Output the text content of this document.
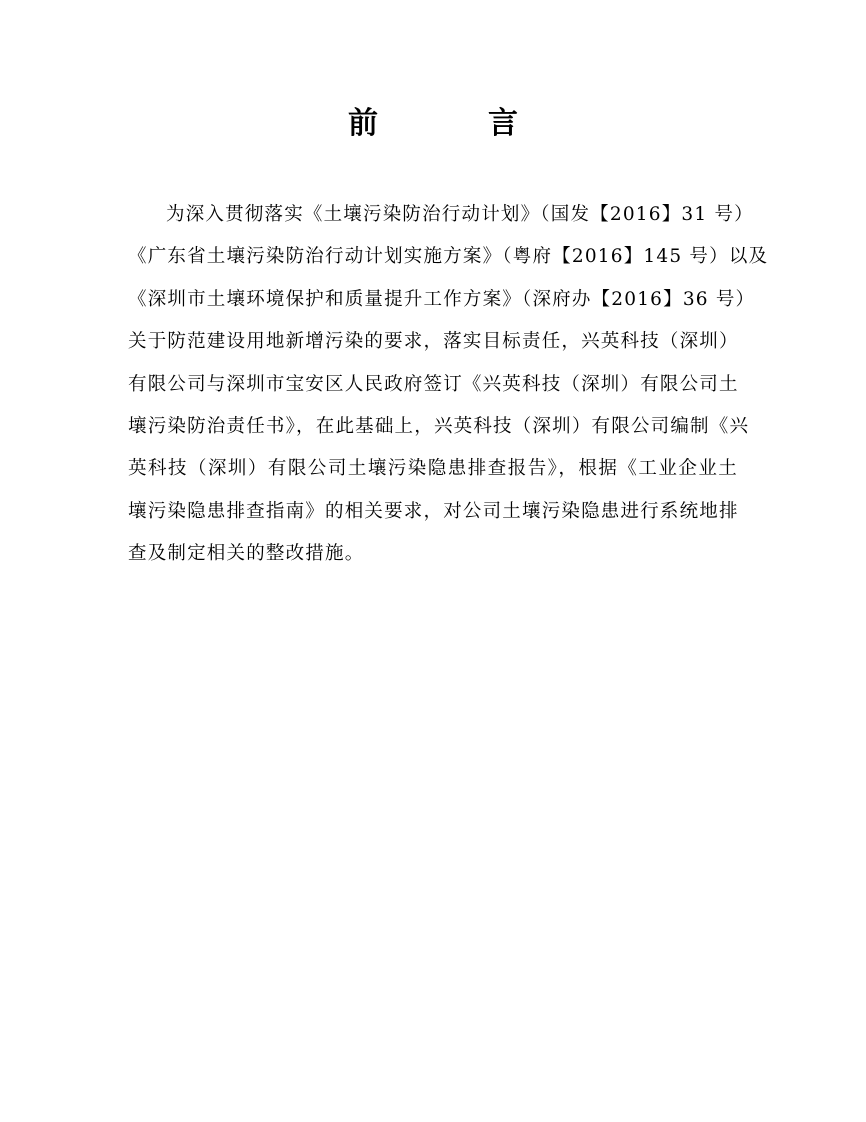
前　言
为深入贯彻落实《土壤污染防治行动计划》（国发【2016】31 号）
《广东省土壤污染防治行动计划实施方案》（粤府【2016】145 号）以及
《深圳市土壤环境保护和质量提升工作方案》（深府办【2016】36 号）
关于防范建设用地新增污染的要求，落实目标责任，兴英科技（深圳）
有限公司与深圳市宝安区人民政府签订《兴英科技（深圳）有限公司土
壤污染防治责任书》，在此基础上，兴英科技（深圳）有限公司编制《兴
英科技（深圳）有限公司土壤污染隐患排查报告》，根据《工业企业土
壤污染隐患排查指南》的相关要求，对公司土壤污染隐患进行系统地排
查及制定相关的整改措施。
